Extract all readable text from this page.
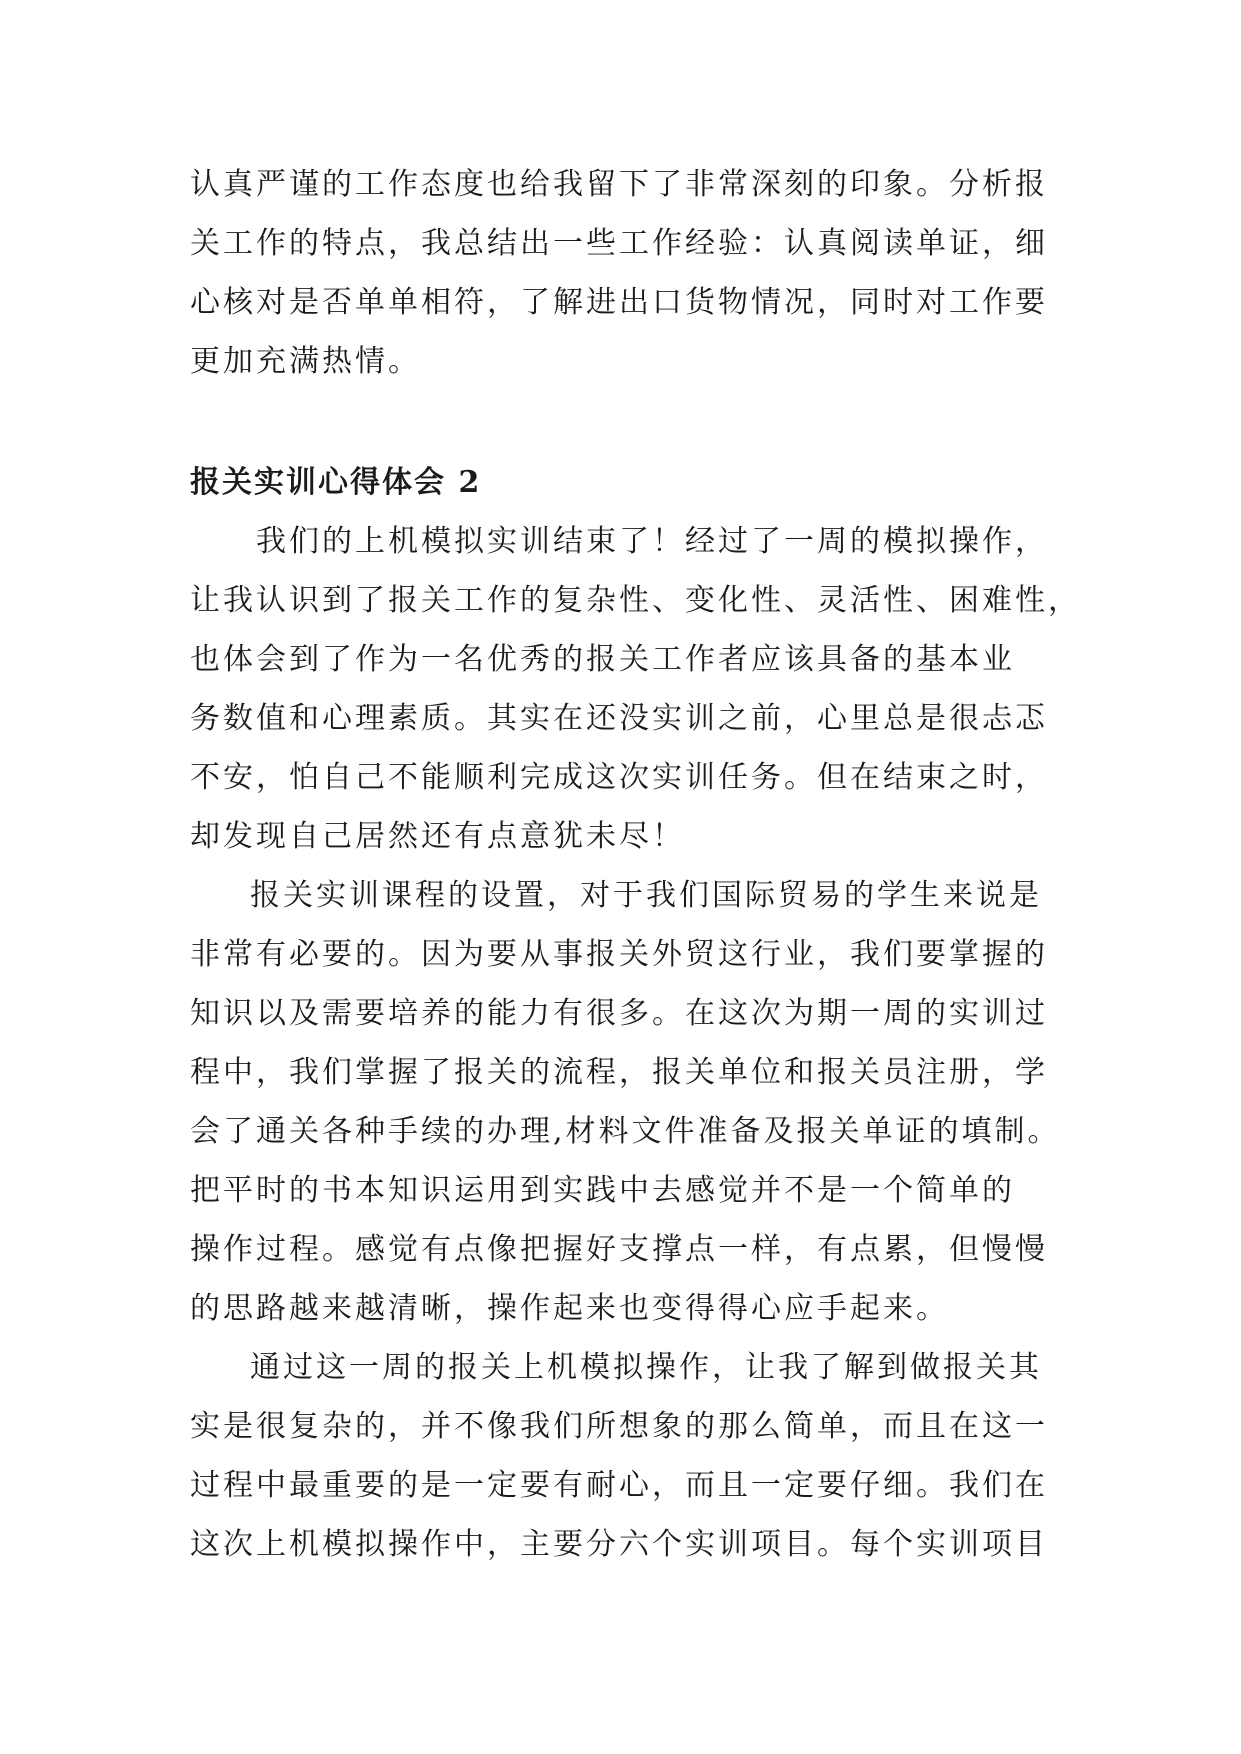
认真严谨的工作态度也给我留下了非常深刻的印象。分析报
关工作的特点，我总结出一些工作经验：认真阅读单证，细
心核对是否单单相符，了解进出口货物情况，同时对工作要
更加充满热情。

报关实训心得体会 2

我们的上机模拟实训结束了！经过了一周的模拟操作，
让我认识到了报关工作的复杂性、变化性、灵活性、困难性，
也体会到了作为一名优秀的报关工作者应该具备的基本业
务数值和心理素质。其实在还没实训之前，心里总是很忐忑
不安，怕自己不能顺利完成这次实训任务。但在结束之时，
却发现自己居然还有点意犹未尽！

报关实训课程的设置，对于我们国际贸易的学生来说是
非常有必要的。因为要从事报关外贸这行业，我们要掌握的
知识以及需要培养的能力有很多。在这次为期一周的实训过
程中，我们掌握了报关的流程，报关单位和报关员注册，学
会了通关各种手续的办理,材料文件准备及报关单证的填制。
把平时的书本知识运用到实践中去感觉并不是一个简单的
操作过程。感觉有点像把握好支撑点一样，有点累，但慢慢
的思路越来越清晰，操作起来也变得得心应手起来。

通过这一周的报关上机模拟操作，让我了解到做报关其
实是很复杂的，并不像我们所想象的那么简单，而且在这一
过程中最重要的是一定要有耐心，而且一定要仔细。我们在
这次上机模拟操作中，主要分六个实训项目。每个实训项目
